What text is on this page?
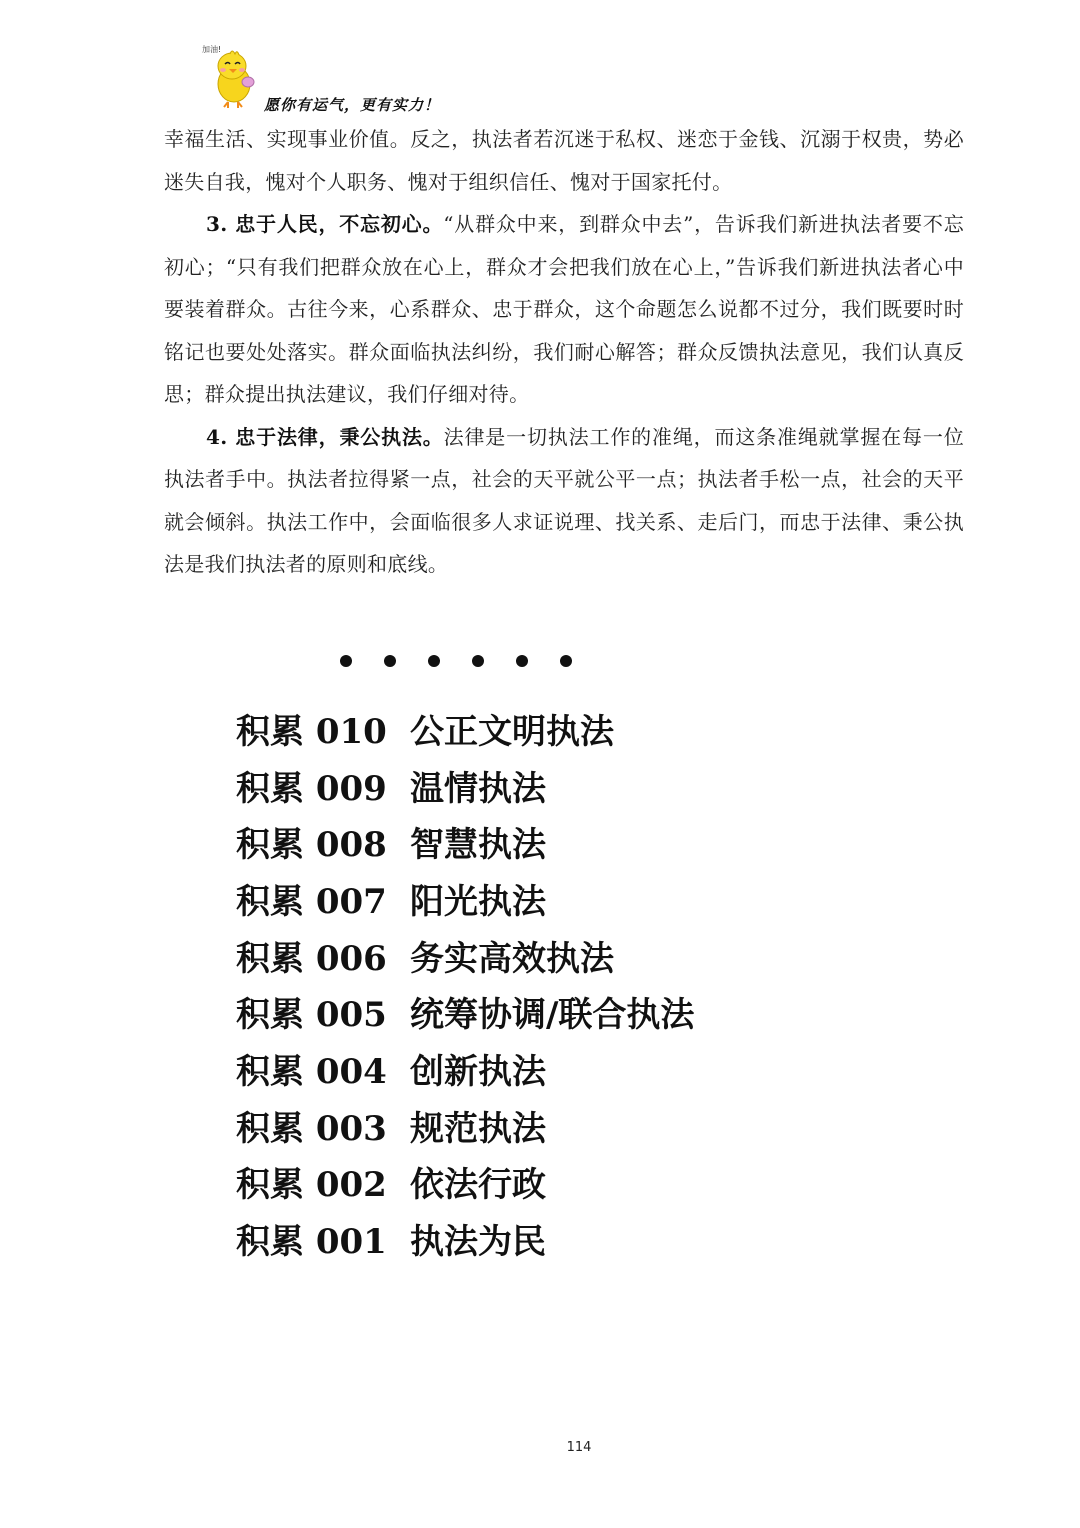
加油!
愿你有运气，更有实力！

幸福生活、实现事业价值。反之，执法者若沉迷于私权、迷恋于金钱、沉溺于权贵，势必迷失自我，愧对个人职务、愧对于组织信任、愧对于国家托付。

3. 忠于人民，不忘初心。“从群众中来，到群众中去”，告诉我们新进执法者要不忘初心；“只有我们把群众放在心上，群众才会把我们放在心上，”告诉我们新进执法者心中要装着群众。古往今来，心系群众、忠于群众，这个命题怎么说都不过分，我们既要时时铭记也要处处落实。群众面临执法纠纷，我们耐心解答；群众反馈执法意见，我们认真反思；群众提出执法建议，我们仔细对待。

4. 忠于法律，秉公执法。法律是一切执法工作的准绳，而这条准绳就掌握在每一位执法者手中。执法者拉得紧一点，社会的天平就公平一点；执法者手松一点，社会的天平就会倾斜。执法工作中，会面临很多人求证说理、找关系、走后门，而忠于法律、秉公执法是我们执法者的原则和底线。

积累 010 公正文明执法
积累 009 温情执法
积累 008 智慧执法
积累 007 阳光执法
积累 006 务实高效执法
积累 005 统筹协调/联合执法
积累 004 创新执法
积累 003 规范执法
积累 002 依法行政
积累 001 执法为民
114
